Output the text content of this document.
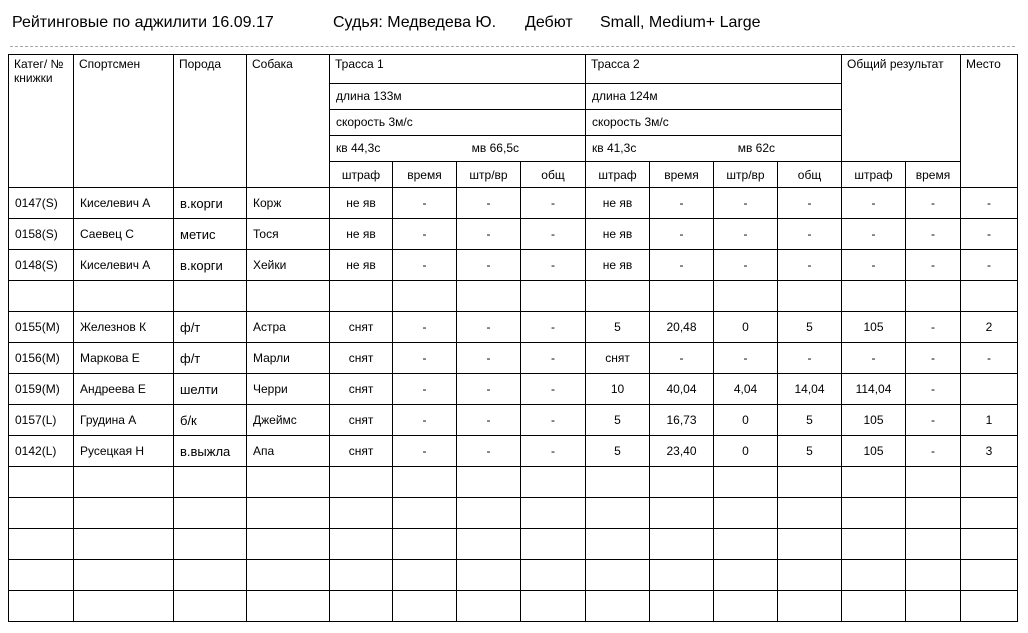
Рейтинговые по аджилити 16.09.17	Судья: Медведева Ю. Дебют Small, Medium+ Large
Катег/ № книжки	Спортсмен	Порода	Собака	Трасса 1				Трасса 2				Общий результат		Место

				длина 133м				длина 124м						

				скорость 3м/с				скорость 3м/с						

				кв 44,3с мв 66,5с				кв 41,3с мв 62с						

				штраф	время	штр/вр	общ	штраф	время	штр/вр	общ	штраф	время	
0147(S)	Киселевич А	в.корги	Корж	не яв	-	-	-	не яв	-	-	-	-	-	-
0158(S)	Саевец С	метис	Тося	не яв	-	-	-	не яв	-	-	-	-	-	-
0148(S)	Киселевич А	в.корги	Хейки	не яв	-	-	-	не яв	-	-	-	-	-	-

0155(M)	Железнов К	ф/т	Астра	снят	-	-	-	5	20,48	0	5	105	-	2
0156(M)	Маркова Е	ф/т	Марли	снят	-	-	-	снят	-	-	-	-	-	-
0159(M)	Андреева Е	шелти	Черри	снят	-	-	-	10	40,04	4,04	14,04	114,04	-	
0157(L)	Грудина А	б/к	Джеймс	снят	-	-	-	5	16,73	0	5	105	-	1
0142(L)	Русецкая Н	в.выжла	Апа	снят	-	-	-	5	23,40	0	5	105	-	3
